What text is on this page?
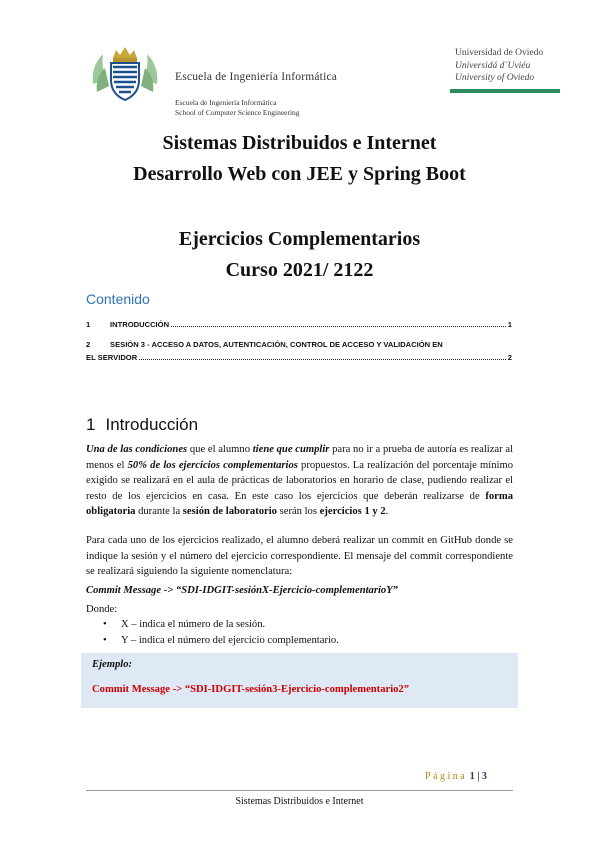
Escuela de Ingeniería Informática
Escuela de Ingeniería Informática
School of Computer Science Engineering
Universidad de Oviedo
Universidá d´Uviéu
University of Oviedo
Sistemas Distribuidos e Internet
Desarrollo Web con JEE y Spring Boot
Ejercicios Complementarios
Curso 2021/ 2122
Contenido
1	INTRODUCCIÓN	1
2	SESIÓN 3 - ACCESO A DATOS, AUTENTICACIÓN, CONTROL DE ACCESO Y VALIDACIÓN EN
EL SERVIDOR	2
1 Introducción
Una de las condiciones que el alumno tiene que cumplir para no ir a prueba de autoría es realizar al menos el 50% de los ejercicios complementarios propuestos. La realización del porcentaje mínimo exigido se realizará en el aula de prácticas de laboratorios en horario de clase, pudiendo realizar el resto de los ejercicios en casa. En este caso los ejercicios que deberán realizarse de forma obligatoria durante la sesión de laboratorio serán los ejercicios 1 y 2.
Para cada uno de los ejercicios realizado, el alumno deberá realizar un commit en GitHub donde se indique la sesión y el número del ejercicio correspondiente. El mensaje del commit correspondiente se realizará siguiendo la siguiente nomenclatura:
Commit Message -> “SDI-IDGIT-sesiónX-Ejercicio-complementarioY”
Donde:
• X – indica el número de la sesión.
• Y – indica el número del ejercicio complementario.
Ejemplo:
Commit Message -> “SDI-IDGIT-sesión3-Ejercicio-complementario2”
Página 1 | 3
Sistemas Distribuidos e Internet
